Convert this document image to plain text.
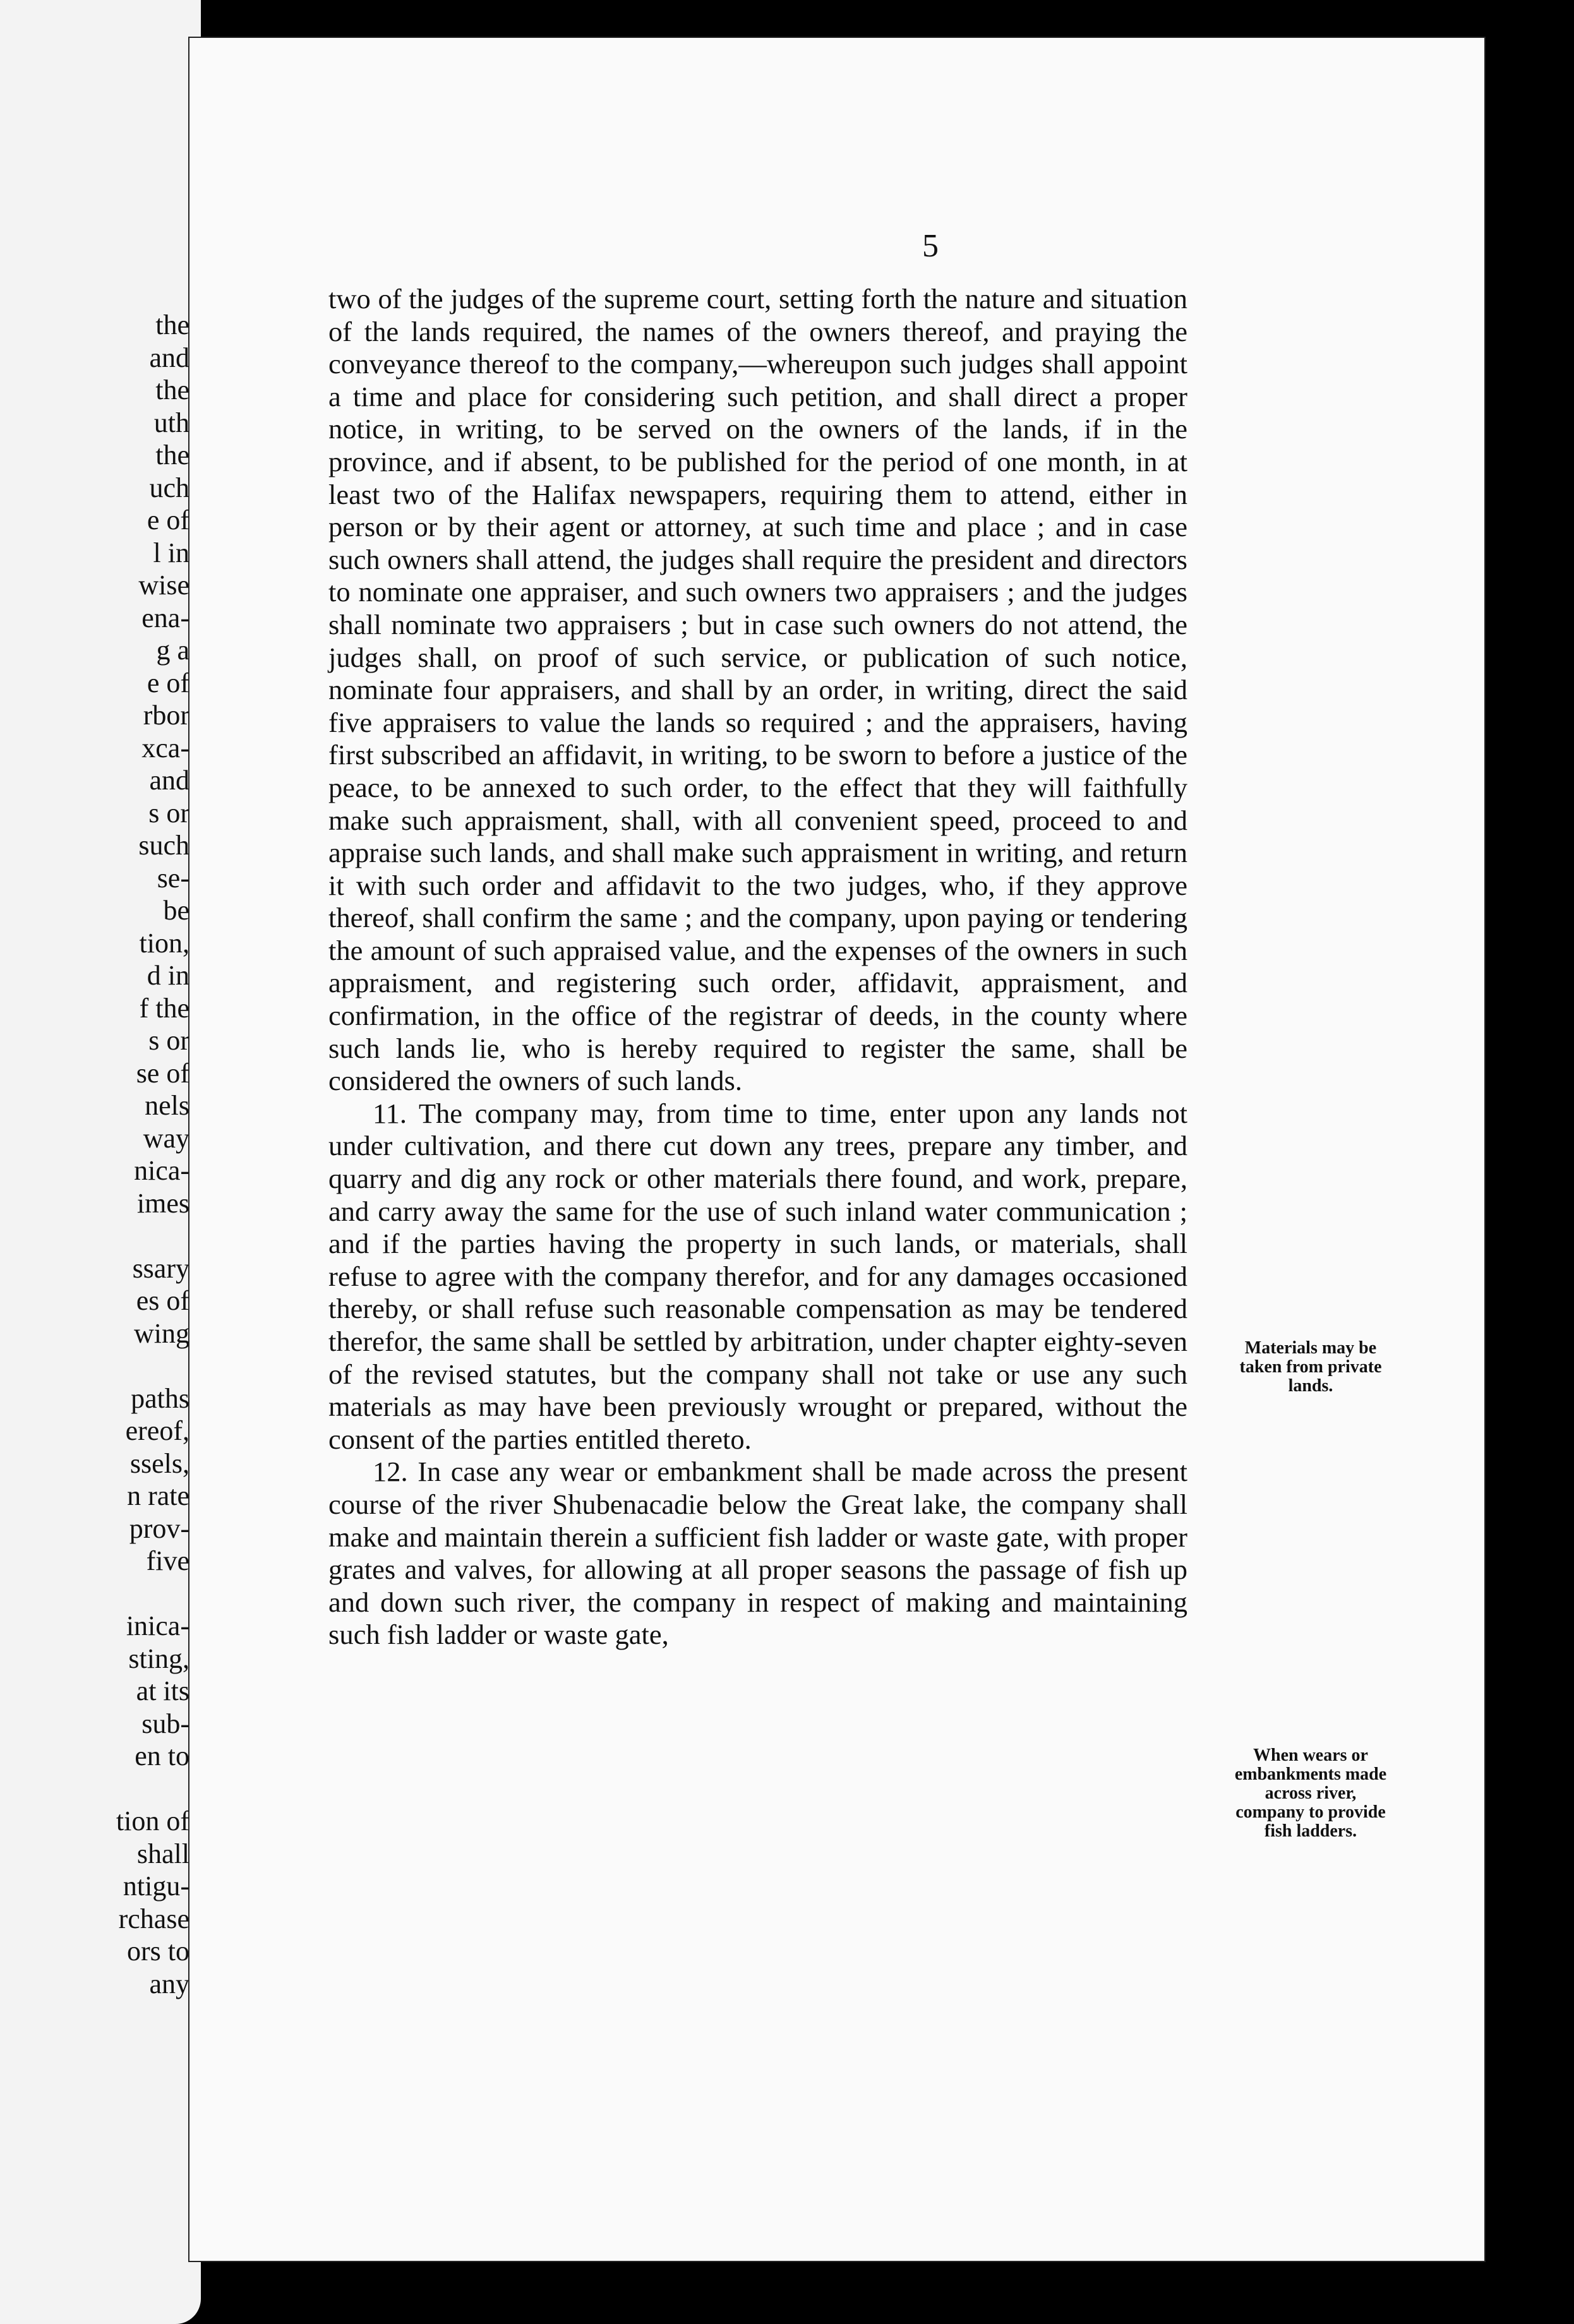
the
and
the
uth
the
uch
e of
l in
wise
ena-
g a
e of
rbor
xca-
and
s or
such
se-
be
tion,
d in
f the
s or
se of
nels
way
nica-
imes
ssary
es of
wing
paths
ereof,
ssels,
n rate
prov-
five
inica-
sting,
at its
sub-
en to
tion of
shall
ntigu-
rchase
ors to
any
5

two of the judges of the supreme court, setting forth the nature and situation of the lands required, the names of the owners thereof, and praying the conveyance thereof to the company,—whereupon such judges shall appoint a time and place for considering such petition, and shall direct a proper notice, in writing, to be served on the owners of the lands, if in the province, and if absent, to be published for the period of one month, in at least two of the Halifax newspapers, requiring them to attend, either in person or by their agent or attorney, at such time and place ; and in case such owners shall attend, the judges shall require the president and directors to nominate one appraiser, and such owners two appraisers ; and the judges shall nominate two appraisers ; but in case such owners do not attend, the judges shall, on proof of such service, or publication of such notice, nominate four appraisers, and shall by an order, in writing, direct the said five appraisers to value the lands so required ; and the appraisers, having first subscribed an affidavit, in writing, to be sworn to before a justice of the peace, to be annexed to such order, to the effect that they will faithfully make such appraisment, shall, with all convenient speed, proceed to and appraise such lands, and shall make such appraisment in writing, and return it with such order and affidavit to the two judges, who, if they approve thereof, shall confirm the same ; and the company, upon paying or tendering the amount of such appraised value, and the expenses of the owners in such appraisment, and registering such order, affidavit, appraisment, and confirmation, in the office of the registrar of deeds, in the county where such lands lie, who is hereby required to register the same, shall be considered the owners of such lands.

11. The company may, from time to time, enter upon any lands not under cultivation, and there cut down any trees, prepare any timber, and quarry and dig any rock or other materials there found, and work, prepare, and carry away the same for the use of such inland water communication ; and if the parties having the property in such lands, or materials, shall refuse to agree with the company therefor, and for any damages occasioned thereby, or shall refuse such reasonable compensation as may be tendered therefor, the same shall be settled by arbitration, under chapter eighty-seven of the revised statutes, but the company shall not take or use any such materials as may have been previously wrought or prepared, without the consent of the parties entitled thereto.

12. In case any wear or embankment shall be made across the present course of the river Shubenacadie below the Great lake, the company shall make and maintain therein a sufficient fish ladder or waste gate, with proper grates and valves, for allowing at all proper seasons the passage of fish up and down such river, the company in respect of making and maintaining such fish ladder or waste gate,

Materials may be taken from private lands.
When wears or embankments made across river, company to provide fish ladders.
